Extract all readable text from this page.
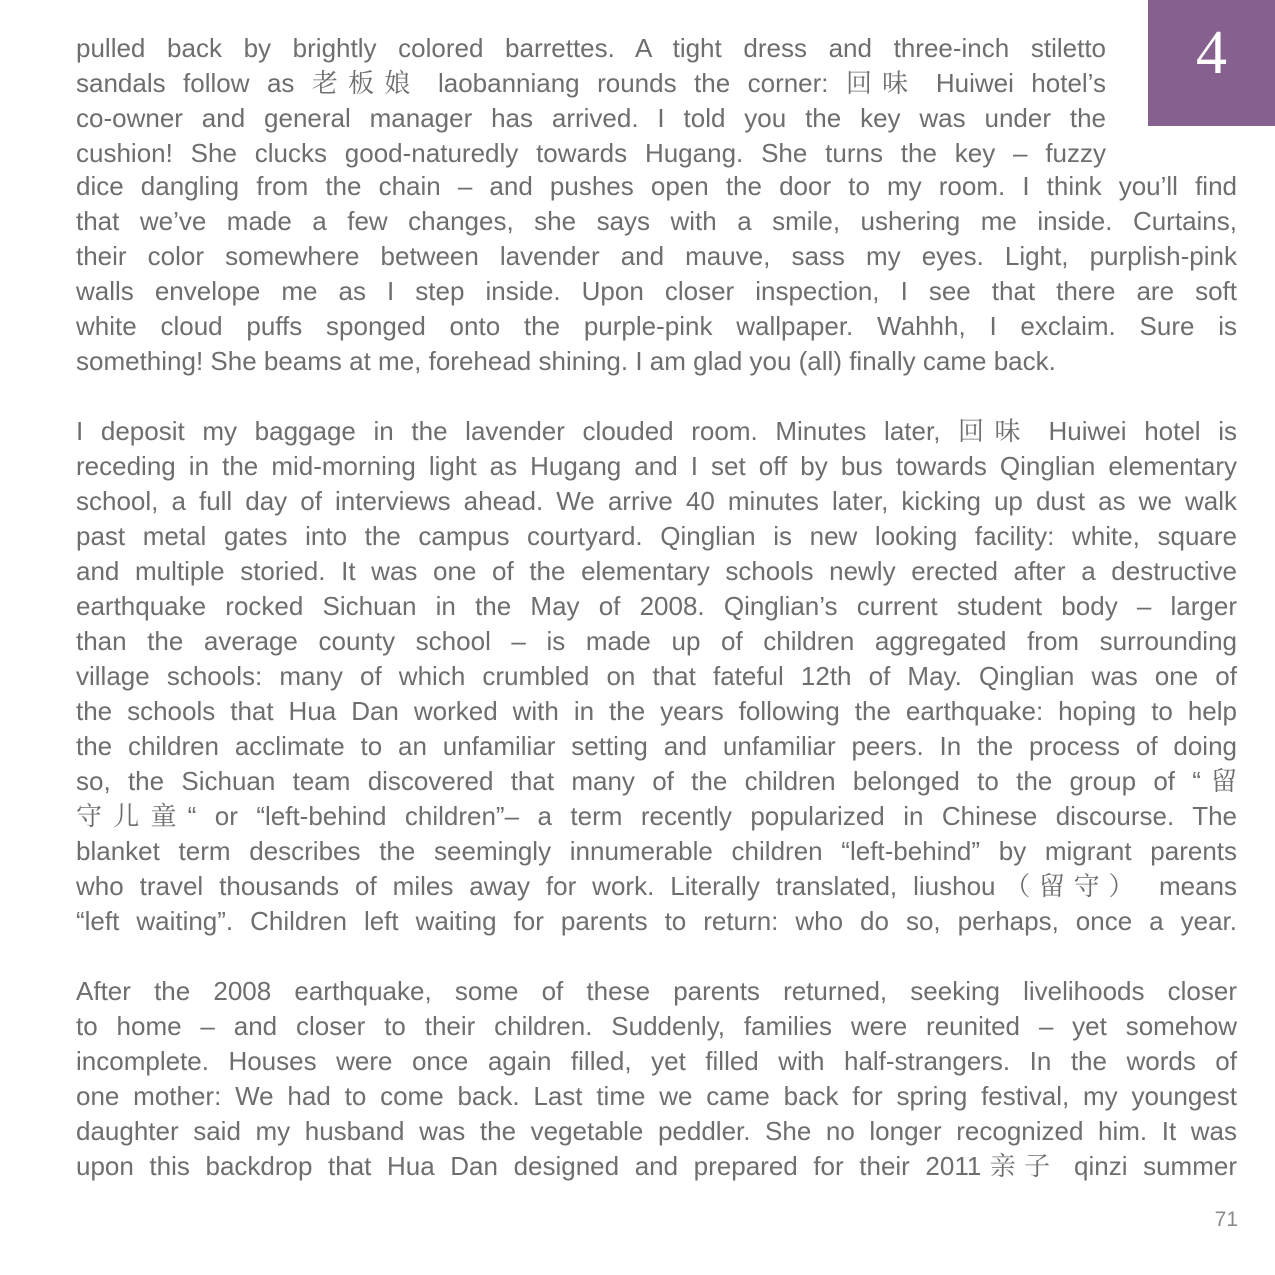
4
pulled back by brightly colored barrettes. A tight dress and three-inch stiletto
sandals follow as 老板娘 laobanniang rounds the corner: 回味 Huiwei hotel’s
co-owner and general manager has arrived. I told you the key was under the
cushion! She clucks good-naturedly towards Hugang. She turns the key – fuzzy
dice dangling from the chain – and pushes open the door to my room. I think you’ll find
that we’ve made a few changes, she says with a smile, ushering me inside. Curtains,
their color somewhere between lavender and mauve, sass my eyes. Light, purplish-pink
walls envelope me as I step inside. Upon closer inspection, I see that there are soft
white cloud puffs sponged onto the purple-pink wallpaper. Wahhh, I exclaim. Sure is
something! She beams at me, forehead shining. I am glad you (all) finally came back.
I deposit my baggage in the lavender clouded room. Minutes later, 回味 Huiwei hotel is
receding in the mid-morning light as Hugang and I set off by bus towards Qinglian elementary
school, a full day of interviews ahead. We arrive 40 minutes later, kicking up dust as we walk
past metal gates into the campus courtyard. Qinglian is new looking facility: white, square
and multiple storied. It was one of the elementary schools newly erected after a destructive
earthquake rocked Sichuan in the May of 2008. Qinglian’s current student body – larger
than the average county school – is made up of children aggregated from surrounding
village schools: many of which crumbled on that fateful 12th of May. Qinglian was one of
the schools that Hua Dan worked with in the years following the earthquake: hoping to help
the children acclimate to an unfamiliar setting and unfamiliar peers. In the process of doing
so, the Sichuan team discovered that many of the children belonged to the group of “留
守儿童“ or “left-behind children”– a term recently popularized in Chinese discourse. The
blanket term describes the seemingly innumerable children “left-behind” by migrant parents
who travel thousands of miles away for work. Literally translated, liushou（留守） means
“left waiting”. Children left waiting for parents to return: who do so, perhaps, once a year.
After the 2008 earthquake, some of these parents returned, seeking livelihoods closer
to home – and closer to their children. Suddenly, families were reunited – yet somehow
incomplete. Houses were once again filled, yet filled with half-strangers. In the words of
one mother: We had to come back. Last time we came back for spring festival, my youngest
daughter said my husband was the vegetable peddler. She no longer recognized him. It was
upon this backdrop that Hua Dan designed and prepared for their 2011亲子 qinzi summer
71
